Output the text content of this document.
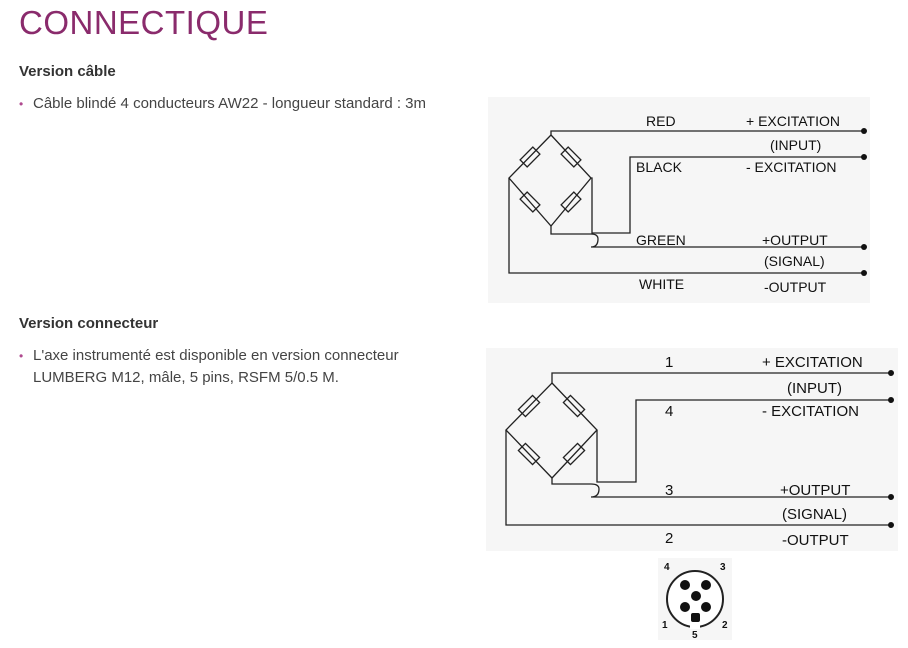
CONNECTIQUE
Version câble
• Câble blindé 4 conducteurs AW22 - longueur standard : 3m
Version connecteur
• L'axe instrumenté est disponible en version connecteur LUMBERG M12, mâle, 5 pins, RSFM 5/0.5 M.
RED	+ EXCITATION
(INPUT)
BLACK	- EXCITATION
GREEN	+OUTPUT
(SIGNAL)
WHITE	-OUTPUT
1	+ EXCITATION
(INPUT)
4	- EXCITATION
3	+OUTPUT
(SIGNAL)
2	-OUTPUT
4	3
1	2
5
